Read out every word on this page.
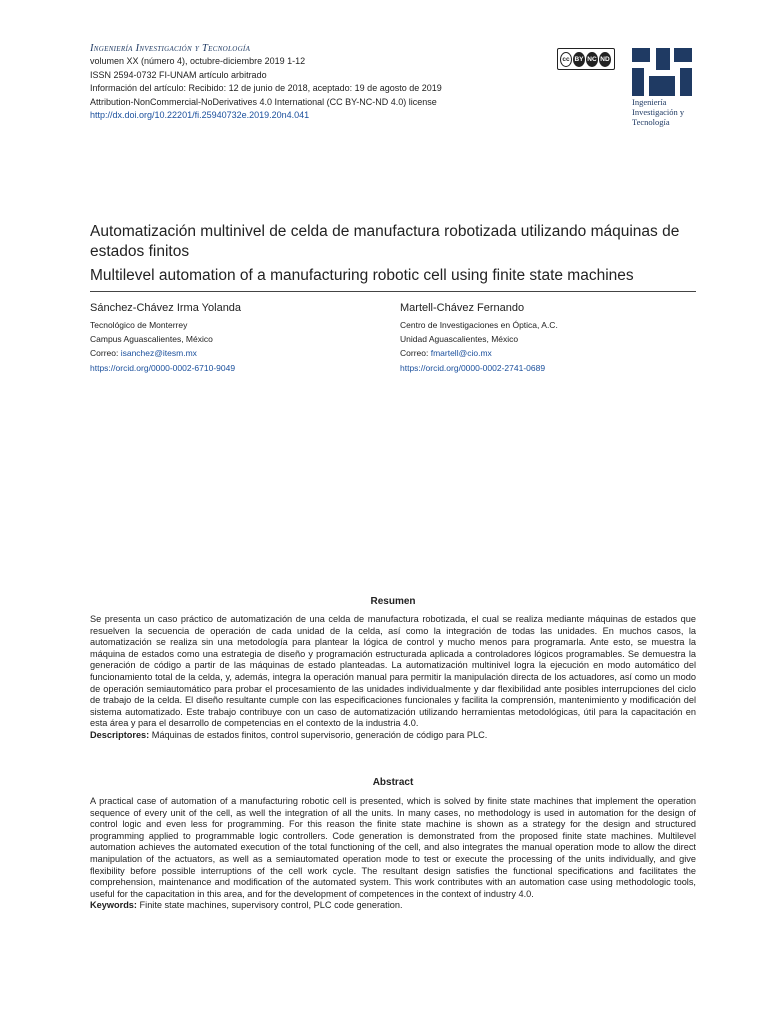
Ingeniería Investigación y Tecnología
volumen XX (número 4), octubre-diciembre 2019 1-12
ISSN 2594-0732 FI-UNAM artículo arbitrado
Información del artículo: Recibido: 12 de junio de 2018, aceptado: 19 de agosto de 2019
Attribution-NonCommercial-NoDerivatives 4.0 International (CC BY-NC-ND 4.0) license
http://dx.doi.org/10.22201/fi.25940732e.2019.20n4.041
cc BY NC ND
Ingeniería
Investigación y
Tecnología
Automatización multinivel de celda de manufactura robotizada utilizando máquinas de estados finitos
Multilevel automation of a manufacturing robotic cell using finite state machines
Sánchez-Chávez Irma Yolanda
Tecnológico de Monterrey
Campus Aguascalientes, México
Correo: isanchez@itesm.mx
https://orcid.org/0000-0002-6710-9049
Martell-Chávez Fernando
Centro de Investigaciones en Óptica, A.C.
Unidad Aguascalientes, México
Correo: fmartell@cio.mx
https://orcid.org/0000-0002-2741-0689
Resumen
Se presenta un caso práctico de automatización de una celda de manufactura robotizada, el cual se realiza mediante máquinas de estados que resuelven la secuencia de operación de cada unidad de la celda, así como la integración de todas las unidades. En muchos casos, la automatización se realiza sin una metodología para plantear la lógica de control y mucho menos para programarla. Ante esto, se muestra la máquina de estados como una estrategia de diseño y programación estructurada aplicada a controladores lógicos programables. Se demuestra la generación de código a partir de las máquinas de estado planteadas. La automatización multinivel logra la ejecución en modo automático del funcionamiento total de la celda, y, además, integra la operación manual para permitir la manipulación directa de los actuadores, así como un modo de operación semiautomático para probar el procesamiento de las unidades individualmente y dar flexibilidad ante posibles interrupciones del ciclo de trabajo de la celda. El diseño resultante cumple con las especificaciones funcionales y facilita la comprensión, mantenimiento y modificación del sistema automatizado. Este trabajo contribuye con un caso de automatización utilizando herramientas metodológicas, útil para la capacitación en esta área y para el desarrollo de competencias en el contexto de la industria 4.0.
Descriptores: Máquinas de estados finitos, control supervisorio, generación de código para PLC.
Abstract
A practical case of automation of a manufacturing robotic cell is presented, which is solved by finite state machines that implement the operation sequence of every unit of the cell, as well the integration of all the units. In many cases, no methodology is used in automation for the design of control logic and even less for programming. For this reason the finite state machine is shown as a strategy for the design and structured programming applied to programmable logic controllers. Code generation is demonstrated from the proposed finite state machines. Multilevel automation achieves the automated execution of the total functioning of the cell, and also integrates the manual operation mode to allow the direct manipulation of the actuators, as well as a semiautomated operation mode to test or execute the processing of the units individually, and give flexibility before possible interruptions of the cell work cycle. The resultant design satisfies the functional specifications and facilitates the comprehension, maintenance and modification of the automated system. This work contributes with an automation case using methodologic tools, useful for the capacitation in this area, and for the development of competences in the context of industry 4.0.
Keywords: Finite state machines, supervisory control, PLC code generation.
